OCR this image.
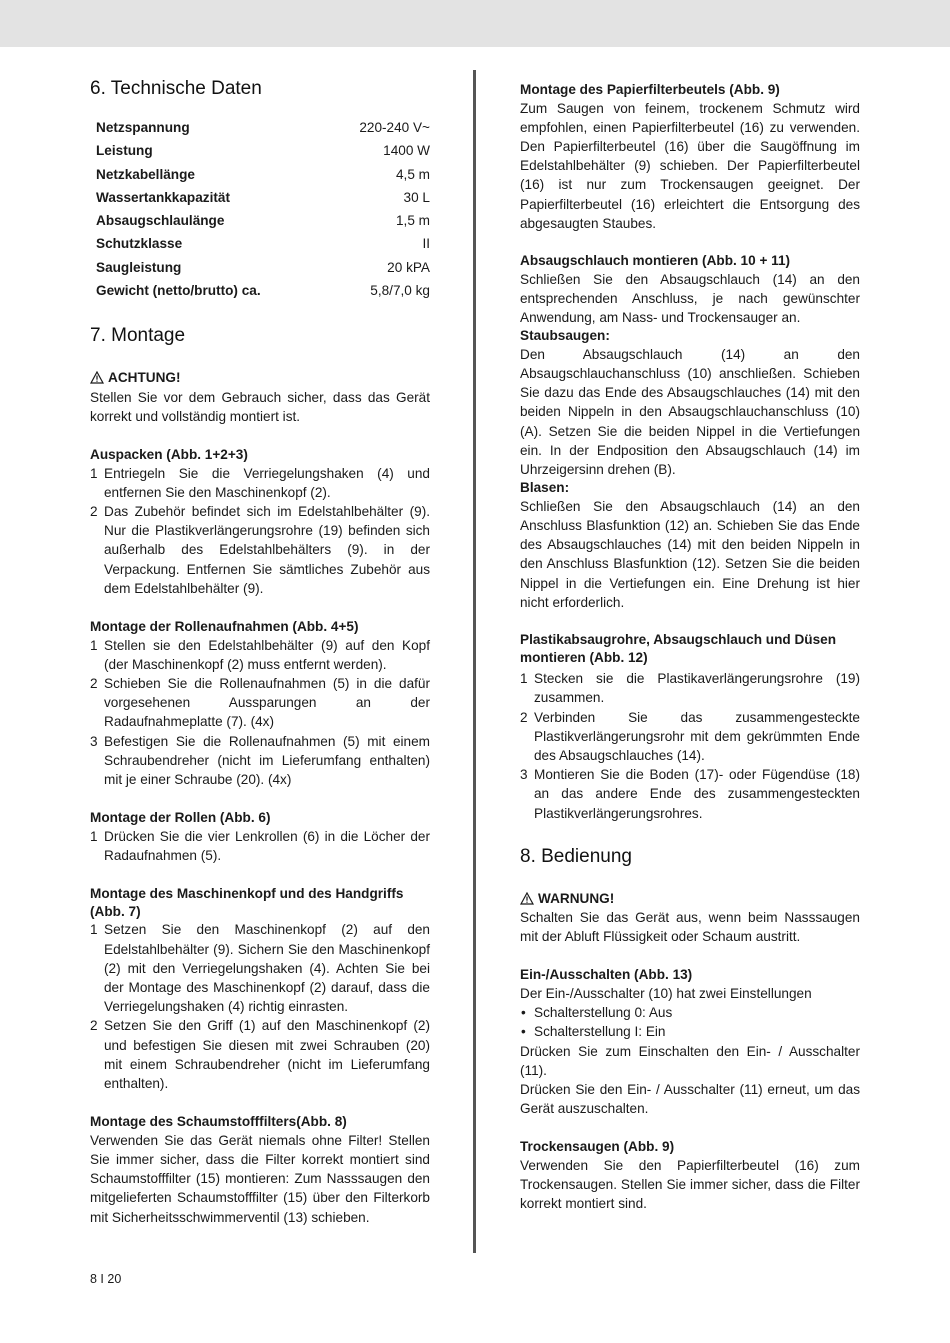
6. Technische Daten
Netzspannung	220-240 V~
Leistung	1400 W
Netzkabellänge	4,5 m
Wassertankkapazität	30 L
Absaugschlaulänge	1,5 m
Schutzklasse	II
Saugleistung	20 kPA
Gewicht (netto/brutto) ca.	5,8/7,0 kg
7. Montage
ACHTUNG!

Stellen Sie vor dem Gebrauch sicher, dass das Gerät korrekt und vollständig montiert ist.

Auspacken (Abb. 1+2+3)
1 Entriegeln Sie die Verriegelungshaken (4) und entfernen Sie den Maschinenkopf (2).
2 Das Zubehör befindet sich im Edelstahlbehälter (9). Nur die Plastikverlängerungsrohre (19) befinden sich außerhalb des Edelstahlbehälters (9). in der Verpackung. Entfernen Sie sämtliches Zubehör aus dem Edelstahlbehälter (9).
Montage der Rollenaufnahmen (Abb. 4+5)
1 Stellen sie den Edelstahlbehälter (9) auf den Kopf (der Maschinenkopf (2) muss entfernt werden).
2 Schieben Sie die Rollenaufnahmen (5) in die dafür vorgesehenen Aussparungen an der Radaufnahmeplatte (7). (4x)
3 Befestigen Sie die Rollenaufnahmen (5) mit einem Schraubendreher (nicht im Lieferumfang enthalten) mit je einer Schraube (20). (4x)
Montage der Rollen (Abb. 6)
1 Drücken Sie die vier Lenkrollen (6) in die Löcher der Radaufnahmen (5).
Montage des Maschinenkopf und des Handgriffs (Abb. 7)
1 Setzen Sie den Maschinenkopf (2) auf den Edelstahlbehälter (9). Sichern Sie den Maschinenkopf (2) mit den Verriegelungshaken (4). Achten Sie bei der Montage des Maschinenkopf (2) darauf, dass die Verriegelungshaken (4) richtig einrasten.
2 Setzen Sie den Griff (1) auf den Maschinenkopf (2) und befestigen Sie diesen mit zwei Schrauben (20) mit einem Schraubendreher (nicht im Lieferumfang enthalten).
Montage des Schaumstofffilters(Abb. 8)

Verwenden Sie das Gerät niemals ohne Filter! Stellen Sie immer sicher, dass die Filter korrekt montiert sind Schaumstofffilter (15) montieren: Zum Nasssaugen den mitgelieferten Schaumstofffilter (15) über den Filterkorb mit Sicherheitsschwimmerventil (13) schieben.

Montage des Papierfilterbeutels (Abb. 9)

Zum Saugen von feinem, trockenem Schmutz wird empfohlen, einen Papierfilterbeutel (16) zu verwenden. Den Papierfilterbeutel (16) über die Saugöffnung im Edelstahlbehälter (9) schieben. Der Papierfilterbeutel (16) ist nur zum Trockensaugen geeignet. Der Papierfilterbeutel (16) erleichtert die Entsorgung des abgesaugten Staubes.

Absaugschlauch montieren (Abb. 10 + 11)

Schließen Sie den Absaugschlauch (14) an den entsprechenden Anschluss, je nach gewünschter Anwendung, am Nass- und Trockensauger an.

Staubsaugen:

Den Absaugschlauch (14) an den Absaugschlauchanschluss (10) anschließen. Schieben Sie dazu das Ende des Absaugschlauches (14) mit den beiden Nippeln in den Absaugschlauchanschluss (10) (A). Setzen Sie die beiden Nippel in die Vertiefungen ein. In der Endposition den Absaugschlauch (14) im Uhrzeigersinn drehen (B).

Blasen:

Schließen Sie den Absaugschlauch (14) an den Anschluss Blasfunktion (12) an. Schieben Sie das Ende des Absaugschlauches (14) mit den beiden Nippeln in den Anschluss Blasfunktion (12). Setzen Sie die beiden Nippel in die Vertiefungen ein. Eine Drehung ist hier nicht erforderlich.

Plastikabsaugrohre, Absaugschlauch und Düsen montieren (Abb. 12)
1 Stecken sie die Plastikaverlängerungsrohre (19) zusammen.
2 Verbinden Sie das zusammengesteckte Plastikverlängerungsrohr mit dem gekrümmten Ende des Absaugschlauches (14).
3 Montieren Sie die Boden (17)- oder Fügendüse (18) an das andere Ende des zusammengesteckten Plastikverlängerungsrohres.
8. Bedienung
WARNUNG!

Schalten Sie das Gerät aus, wenn beim Nasssaugen mit der Abluft Flüssigkeit oder Schaum austritt.

Ein-/Ausschalten (Abb. 13)

Der Ein-/Ausschalter (10) hat zwei Einstellungen

• Schalterstellung 0: Aus
• Schalterstellung I: Ein

Drücken Sie zum Einschalten den Ein- / Ausschalter (11).

Drücken Sie den Ein- / Ausschalter (11) erneut, um das Gerät auszuschalten.

Trockensaugen (Abb. 9)

Verwenden Sie den Papierfilterbeutel (16) zum Trockensaugen. Stellen Sie immer sicher, dass die Filter korrekt montiert sind.

8 I 20
